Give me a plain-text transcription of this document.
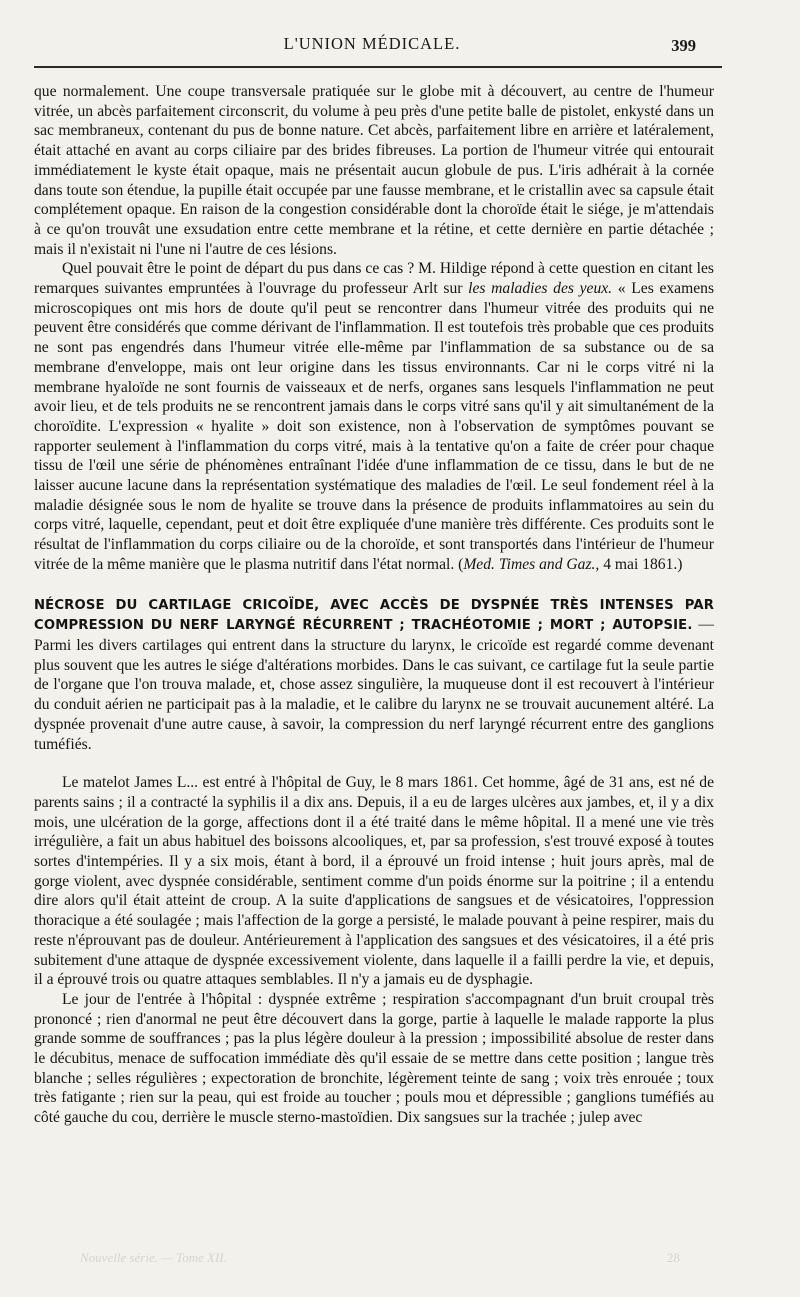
L'UNION MÉDICALE.	399

que normalement. Une coupe transversale pratiquée sur le globe mit à découvert, au centre de l'humeur vitrée, un abcès parfaitement circonscrit, du volume à peu près d'une petite balle de pistolet, enkysté dans un sac membraneux, contenant du pus de bonne nature. Cet abcès, parfaitement libre en arrière et latéralement, était attaché en avant au corps ciliaire par des brides fibreuses. La portion de l'humeur vitrée qui entourait immédiatement le kyste était opaque, mais ne présentait aucun globule de pus. L'iris adhérait à la cornée dans toute son étendue, la pupille était occupée par une fausse membrane, et le cristallin avec sa capsule était complétement opaque. En raison de la congestion considérable dont la choroïde était le siége, je m'attendais à ce qu'on trouvât une exsudation entre cette membrane et la rétine, et cette dernière en partie détachée ; mais il n'existait ni l'une ni l'autre de ces lésions.

Quel pouvait être le point de départ du pus dans ce cas ? M. Hildige répond à cette question en citant les remarques suivantes empruntées à l'ouvrage du professeur Arlt sur les maladies des yeux. « Les examens microscopiques ont mis hors de doute qu'il peut se rencontrer dans l'humeur vitrée des produits qui ne peuvent être considérés que comme dérivant de l'inflammation. Il est toutefois très probable que ces produits ne sont pas engendrés dans l'humeur vitrée elle-même par l'inflammation de sa substance ou de sa membrane d'enveloppe, mais ont leur origine dans les tissus environnants. Car ni le corps vitré ni la membrane hyaloïde ne sont fournis de vaisseaux et de nerfs, organes sans lesquels l'inflammation ne peut avoir lieu, et de tels produits ne se rencontrent jamais dans le corps vitré sans qu'il y ait simultanément de la choroïdite. L'expression « hyalite » doit son existence, non à l'observation de symptômes pouvant se rapporter seulement à l'inflammation du corps vitré, mais à la tentative qu'on a faite de créer pour chaque tissu de l'œil une série de phénomènes entraînant l'idée d'une inflammation de ce tissu, dans le but de ne laisser aucune lacune dans la représentation systématique des maladies de l'œil. Le seul fondement réel à la maladie désignée sous le nom de hyalite se trouve dans la présence de produits inflammatoires au sein du corps vitré, laquelle, cependant, peut et doit être expliquée d'une manière très différente. Ces produits sont le résultat de l'inflammation du corps ciliaire ou de la choroïde, et sont transportés dans l'intérieur de l'humeur vitrée de la même manière que le plasma nutritif dans l'état normal. (Med. Times and Gaz., 4 mai 1861.)

NÉCROSE DU CARTILAGE CRICOÏDE, AVEC ACCÈS DE DYSPNÉE TRÈS INTENSES PAR COMPRESSION DU NERF LARYNGÉ RÉCURRENT ; TRACHÉOTOMIE ; MORT ; AUTOPSIE. — Parmi les divers cartilages qui entrent dans la structure du larynx, le cricoïde est regardé comme devenant plus souvent que les autres le siége d'altérations morbides. Dans le cas suivant, ce cartilage fut la seule partie de l'organe que l'on trouva malade, et, chose assez singulière, la muqueuse dont il est recouvert à l'intérieur du conduit aérien ne participait pas à la maladie, et le calibre du larynx ne se trouvait aucunement altéré. La dyspnée provenait d'une autre cause, à savoir, la compression du nerf laryngé récurrent entre des ganglions tuméfiés.

Le matelot James L... est entré à l'hôpital de Guy, le 8 mars 1861. Cet homme, âgé de 31 ans, est né de parents sains ; il a contracté la syphilis il a dix ans. Depuis, il a eu de larges ulcères aux jambes, et, il y a dix mois, une ulcération de la gorge, affections dont il a été traité dans le même hôpital. Il a mené une vie très irrégulière, a fait un abus habituel des boissons alcooliques, et, par sa profession, s'est trouvé exposé à toutes sortes d'intempéries. Il y a six mois, étant à bord, il a éprouvé un froid intense ; huit jours après, mal de gorge violent, avec dyspnée considérable, sentiment comme d'un poids énorme sur la poitrine ; il a entendu dire alors qu'il était atteint de croup. A la suite d'applications de sangsues et de vésicatoires, l'oppression thoracique a été soulagée ; mais l'affection de la gorge a persisté, le malade pouvant à peine respirer, mais du reste n'éprouvant pas de douleur. Antérieurement à l'application des sangsues et des vésicatoires, il a été pris subitement d'une attaque de dyspnée excessivement violente, dans laquelle il a failli perdre la vie, et depuis, il a éprouvé trois ou quatre attaques semblables. Il n'y a jamais eu de dysphagie.

Le jour de l'entrée à l'hôpital : dyspnée extrême ; respiration s'accompagnant d'un bruit croupal très prononcé ; rien d'anormal ne peut être découvert dans la gorge, partie à laquelle le malade rapporte la plus grande somme de souffrances ; pas la plus légère douleur à la pression ; impossibilité absolue de rester dans le décubitus, menace de suffocation immédiate dès qu'il essaie de se mettre dans cette position ; langue très blanche ; selles régulières ; expectoration de bronchite, légèrement teinte de sang ; voix très enrouée ; toux très fatigante ; rien sur la peau, qui est froide au toucher ; pouls mou et dépressible ; ganglions tuméfiés au côté gauche du cou, derrière le muscle sterno-mastoïdien. Dix sangsues sur la trachée ; julep avec

Nouvelle série. — Tome XII.	28
